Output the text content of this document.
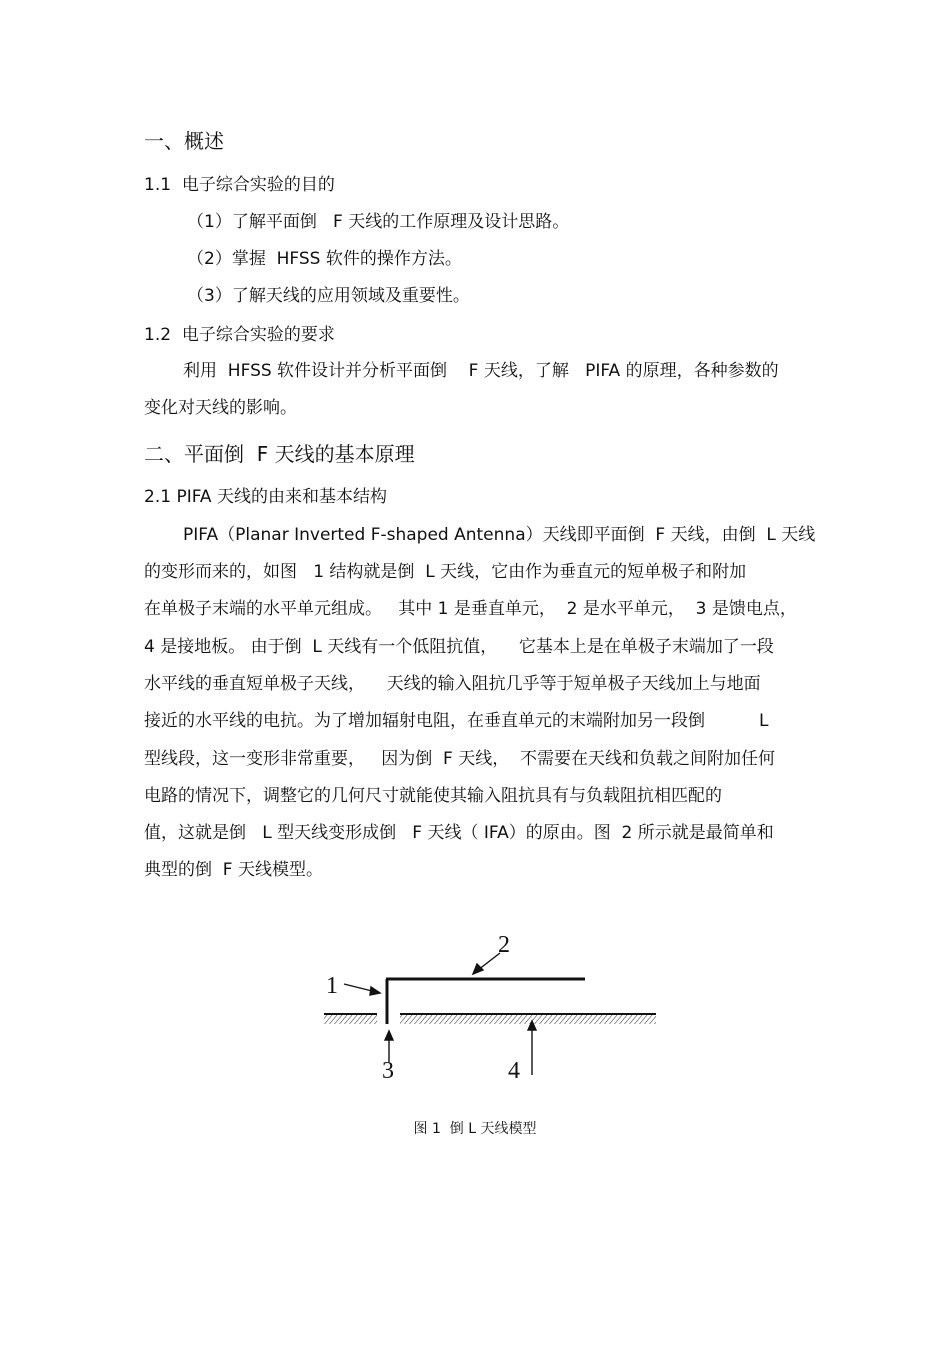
一、概述
1.1  电子综合实验的目的
（1）了解平面倒   F 天线的工作原理及设计思路。
（2）掌握  HFSS 软件的操作方法。
（3）了解天线的应用领域及重要性。
1.2  电子综合实验的要求
利用  HFSS 软件设计并分析平面倒    F 天线，了解   PIFA 的原理，各种参数的
变化对天线的影响。
二、平面倒  F 天线的基本原理
2.1 PIFA 天线的由来和基本结构
PIFA（Planar Inverted F-shaped Antenna）天线即平面倒  F 天线，由倒  L 天线
的变形而来的，如图   1 结构就是倒  L 天线，它由作为垂直元的短单极子和附加
在单极子末端的水平单元组成。   其中 1 是垂直单元，  2 是水平单元，  3 是馈电点，
4 是接地板。 由于倒  L 天线有一个低阻抗值，    它基本上是在单极子末端加了一段
水平线的垂直短单极子天线，    天线的输入阻抗几乎等于短单极子天线加上与地面
接近的水平线的电抗。为了增加辐射电阻，在垂直单元的末端附加另一段倒          L
型线段，这一变形非常重要，   因为倒  F 天线，  不需要在天线和负载之间附加任何
电路的情况下，调整它的几何尺寸就能使其输入阻抗具有与负载阻抗相匹配的
值，这就是倒   L 型天线变形成倒   F 天线（ IFA）的原由。图  2 所示就是最简单和
典型的倒  F 天线模型。
1
2
3	4
图 1  倒 L 天线模型
